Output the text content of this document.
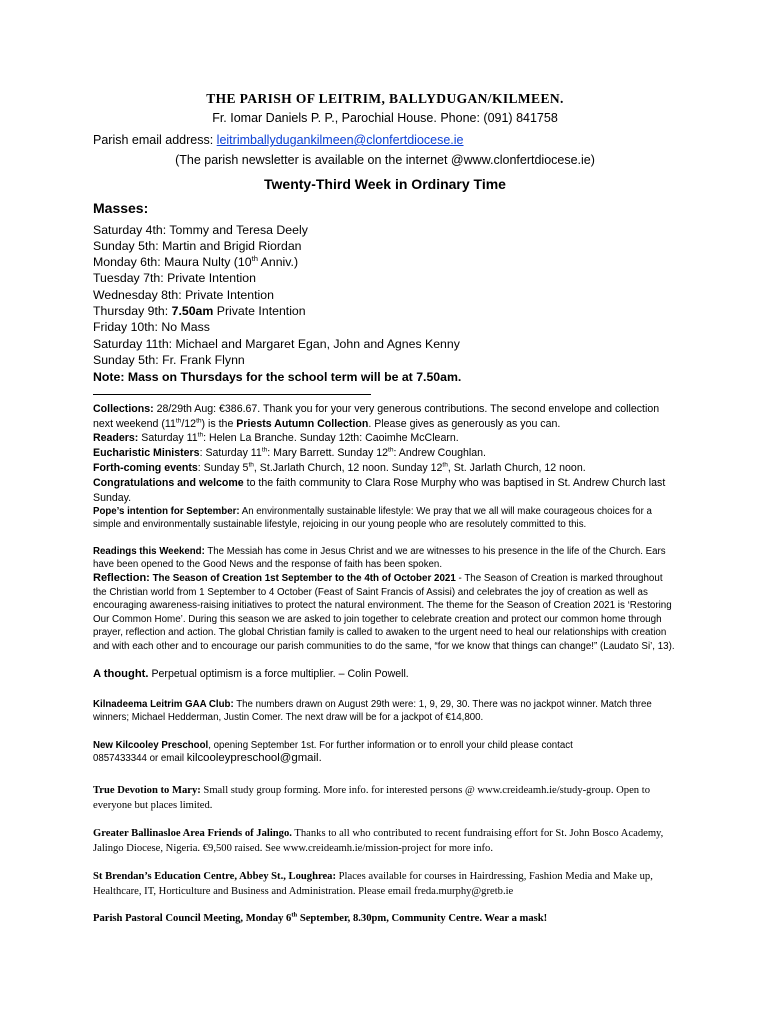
THE PARISH OF LEITRIM, BALLYDUGAN/KILMEEN.
Fr. Iomar Daniels P. P., Parochial House. Phone: (091) 841758
Parish email address: leitrimballydugankilmeen@clonfertdiocese.ie
(The parish newsletter is available on the internet @www.clonfertdiocese.ie)
Twenty-Third Week in Ordinary Time
Masses:
Saturday 4th: Tommy and Teresa Deely
Sunday 5th: Martin and Brigid Riordan
Monday 6th: Maura Nulty (10th Anniv.)
Tuesday 7th: Private Intention
Wednesday 8th: Private Intention
Thursday 9th: 7.50am Private Intention
Friday 10th: No Mass
Saturday 11th: Michael and Margaret Egan, John and Agnes Kenny
Sunday 5th: Fr. Frank Flynn
Note: Mass on Thursdays for the school term will be at 7.50am.
Collections: 28/29th Aug: €386.67. Thank you for your very generous contributions. The second envelope and collection next weekend (11th/12th) is the Priests Autumn Collection. Please gives as generously as you can.
Readers: Saturday 11th: Helen La Branche. Sunday 12th: Caoimhe McClearn.
Eucharistic Ministers: Saturday 11th: Mary Barrett. Sunday 12th: Andrew Coughlan.
Forth-coming events: Sunday 5th, St.Jarlath Church, 12 noon. Sunday 12th, St. Jarlath Church, 12 noon.
Congratulations and welcome to the faith community to Clara Rose Murphy who was baptised in St. Andrew Church last Sunday.
Pope’s intention for September: An environmentally sustainable lifestyle: We pray that we all will make courageous choices for a simple and environmentally sustainable lifestyle, rejoicing in our young people who are resolutely committed to this.
Readings this Weekend: The Messiah has come in Jesus Christ and we are witnesses to his presence in the life of the Church. Ears have been opened to the Good News and the response of faith has been spoken.
Reflection: The Season of Creation 1st September to the 4th of October 2021 - The Season of Creation is marked throughout the Christian world from 1 September to 4 October (Feast of Saint Francis of Assisi) and celebrates the joy of creation as well as encouraging awareness-raising initiatives to protect the natural environment. The theme for the Season of Creation 2021 is ‘Restoring Our Common Home’. During this season we are asked to join together to celebrate creation and protect our common home through prayer, reflection and action. The global Christian family is called to awaken to the urgent need to heal our relationships with creation and with each other and to encourage our parish communities to do the same, “for we know that things can change!” (Laudato Si’, 13).
A thought. Perpetual optimism is a force multiplier. – Colin Powell.
Kilnadeema Leitrim GAA Club: The numbers drawn on August 29th were: 1, 9, 29, 30. There was no jackpot winner. Match three winners; Michael Hedderman, Justin Comer. The next draw will be for a jackpot of €14,800.
New Kilcooley Preschool, opening September 1st. For further information or to enroll your child please contact
0857433344 or email kilcooleypreschool@gmail.
True Devotion to Mary: Small study group forming. More info. for interested persons @ www.creideamh.ie/study-group. Open to everyone but places limited.
Greater Ballinasloe Area Friends of Jalingo. Thanks to all who contributed to recent fundraising effort for St. John Bosco Academy, Jalingo Diocese, Nigeria. €9,500 raised. See www.creideamh.ie/mission-project for more info.
St Brendan’s Education Centre, Abbey St., Loughrea: Places available for courses in Hairdressing, Fashion Media and Make up, Healthcare, IT, Horticulture and Business and Administration. Please email freda.murphy@gretb.ie
Parish Pastoral Council Meeting, Monday 6th September, 8.30pm, Community Centre. Wear a mask!
